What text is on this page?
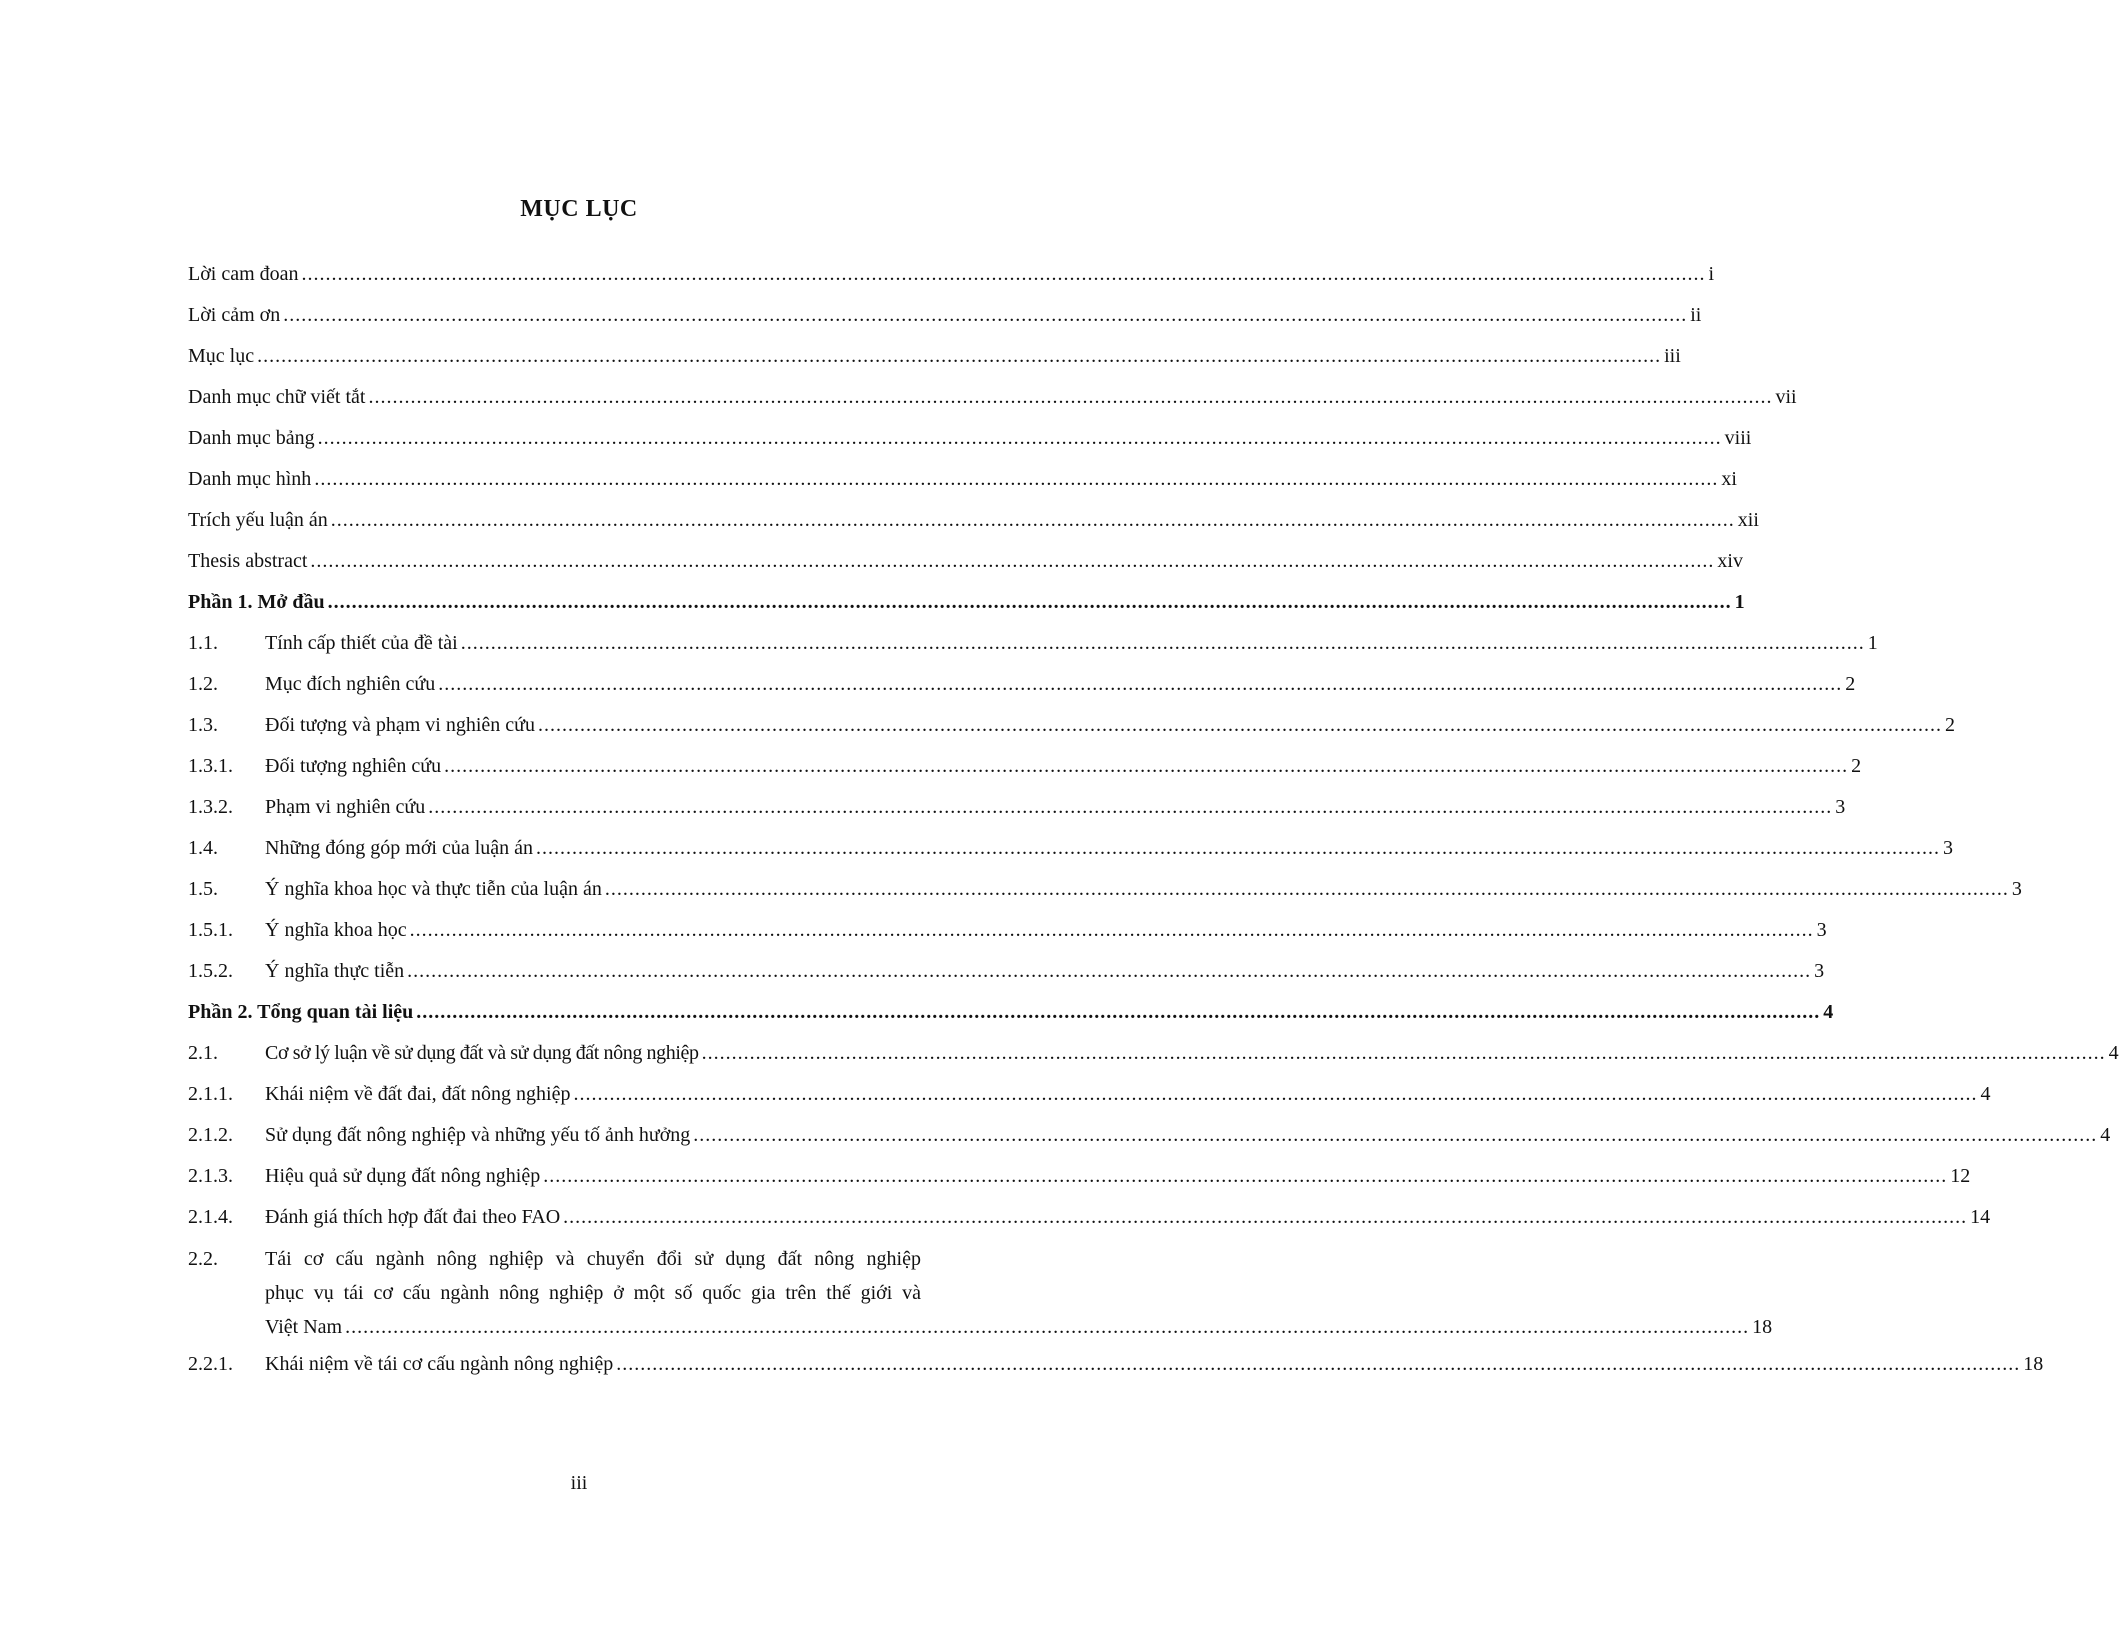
MỤC LỤC
Lời cam đoan .....	i
Lời cảm ơn .....	ii
Mục lục .....	iii
Danh mục chữ viết tắt .....	vii
Danh mục bảng .....	viii
Danh mục hình .....	xi
Trích yếu luận án .....	xii
Thesis abstract .....	xiv
Phần 1. Mở đầu .....	1
1.1.	Tính cấp thiết của đề tài .....	1
1.2.	Mục đích nghiên cứu .....	2
1.3.	Đối tượng và phạm vi nghiên cứu .....	2
1.3.1.	Đối tượng nghiên cứu .....	2
1.3.2.	Phạm vi nghiên cứu .....	3
1.4.	Những đóng góp mới của luận án .....	3
1.5.	Ý nghĩa khoa học và thực tiễn của luận án .....	3
1.5.1.	Ý nghĩa khoa học .....	3
1.5.2.	Ý nghĩa thực tiễn .....	3
Phần 2. Tổng quan tài liệu .....	4
2.1.	Cơ sở lý luận về sử dụng đất và sử dụng đất nông nghiệp .....	4
2.1.1.	Khái niệm về đất đai, đất nông nghiệp .....	4
2.1.2.	Sử dụng đất nông nghiệp và những yếu tố ảnh hưởng .....	4
2.1.3.	Hiệu quả sử dụng đất nông nghiệp .....	12
2.1.4.	Đánh giá thích hợp đất đai theo FAO .....	14
2.2.	Tái cơ cấu ngành nông nghiệp và chuyển đổi sử dụng đất nông nghiệp
phục vụ tái cơ cấu ngành nông nghiệp ở một số quốc gia trên thế giới và
Việt Nam .....	18
2.2.1.	Khái niệm về tái cơ cấu ngành nông nghiệp .....	18
iii
